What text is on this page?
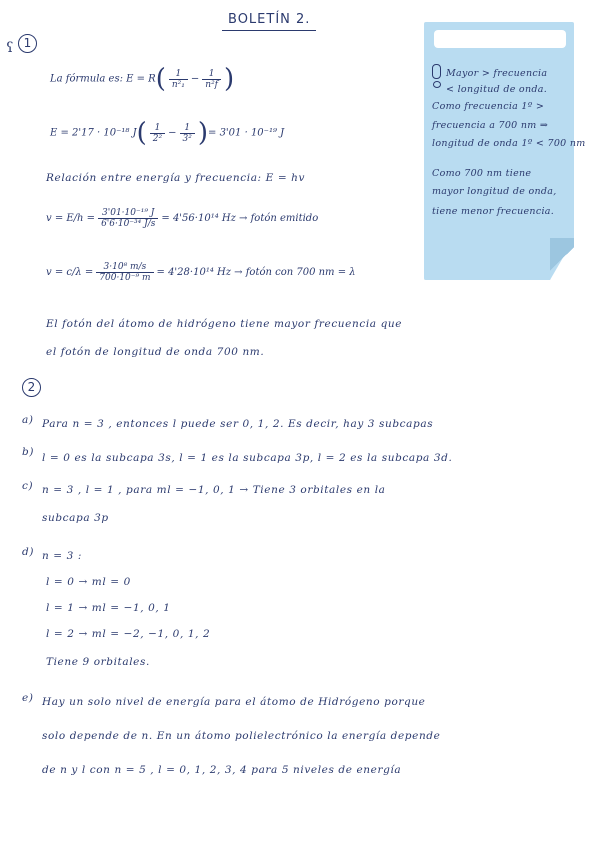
BOLETÍN 2.
ʕ 1
La fórmula es: $E = R( \frac{1}{\text{n²₁}} - \frac{1}{\text{n²f}}$ )
E = 2'17 · 10⁻¹⁸ $J( \frac{1}{\text{2²}} - \frac{1}{\text{3²}}$ )= 3'01 · 10⁻¹⁹ J
Relación entre energía y frecuencia: E = hv
$v = E/h = \frac{\text{3'01·10⁻¹⁹ J}}{\text{6'6·10⁻³⁴ J/s}} = 4'56\cdot 10^{14}$ Hz → fotón emitido
$v = c/\lambda = \frac{\text{3·10⁸ m/s}}{\text{700·10⁻⁹ m}} = 4'28\cdot 10^{14}$ Hz → fotón con 700 nm = λ
El fotón del átomo de hidrógeno tiene mayor frecuencia que
el fotón de longitud de onda 700 nm.
Mayor > frecuencia
< longitud de onda.
Como frecuencia 1º >
frecuencia a 700 nm ⇒
longitud de onda 1º < 700 nm
Como 700 nm tiene
mayor longitud de onda,
tiene menor frecuencia.
2
a) Para n = 3 , entonces l puede ser 0, 1, 2. Es decir, hay 3 subcapas
b) l = 0 es la subcapa 3s, l = 1 es la subcapa 3p, l = 2 es la subcapa 3d.
c) n = 3 , l = 1 , para ml = −1, 0, 1 → Tiene 3 orbitales en la
subcapa 3p
d) n = 3 :
l = 0 → ml = 0
l = 1 → ml = −1, 0, 1
l = 2 → ml = −2, −1, 0, 1, 2
Tiene 9 orbitales.
e) Hay un solo nivel de energía para el átomo de Hidrógeno porque
solo depende de n. En un átomo polielectrónico la energía depende
de n y l con n = 5 , l = 0, 1, 2, 3, 4 para 5 niveles de energía
